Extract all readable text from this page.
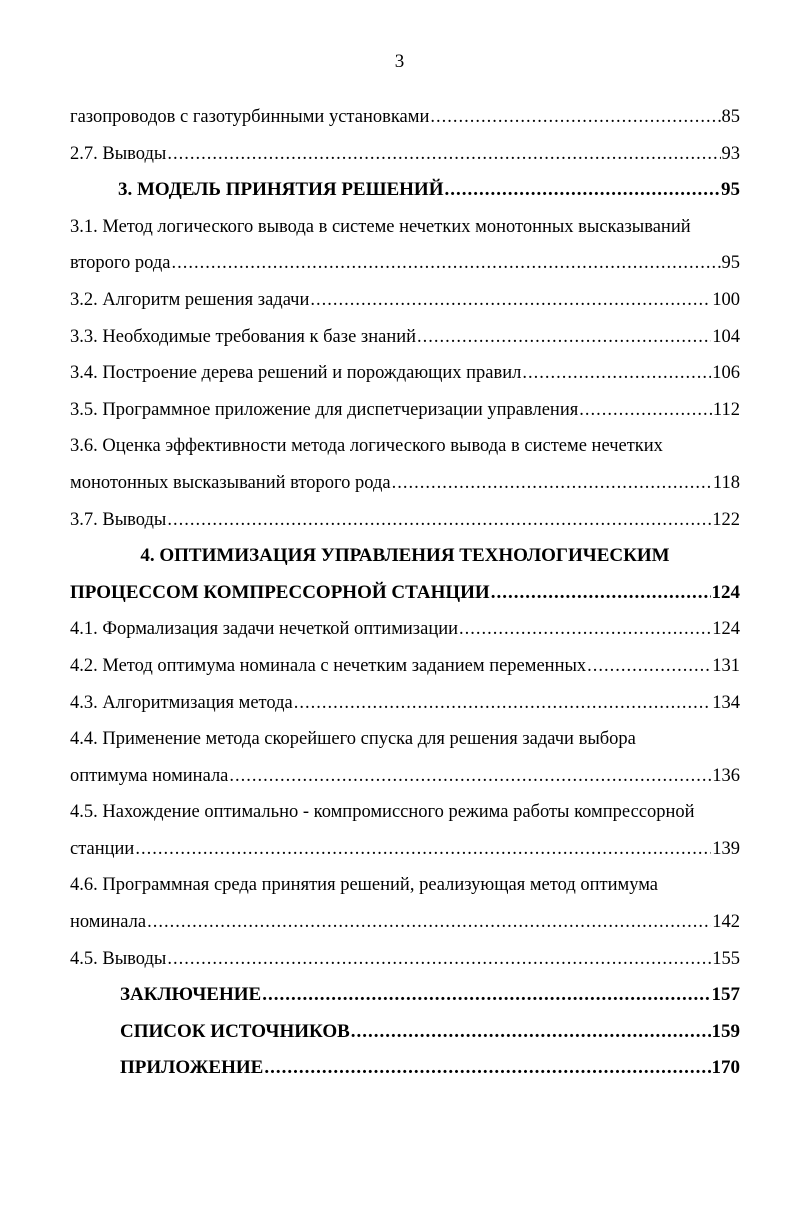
3
газопроводов с газотурбинными установками .....	85
2.7. Выводы .....	93
3. МОДЕЛЬ ПРИНЯТИЯ РЕШЕНИЙ .....	95
3.1. Метод логического вывода в системе нечетких монотонных высказываний
второго рода .....	95
3.2. Алгоритм решения задачи .....	100
3.3. Необходимые требования к базе знаний .....	104
3.4. Построение дерева решений и порождающих правил .....	106
3.5. Программное приложение для диспетчеризации управления .....	112
3.6. Оценка эффективности метода логического вывода в системе нечетких
монотонных высказываний второго рода .....	118
3.7. Выводы .....	122
4. ОПТИМИЗАЦИЯ УПРАВЛЕНИЯ ТЕХНОЛОГИЧЕСКИМ
ПРОЦЕССОМ КОМПРЕССОРНОЙ СТАНЦИИ .....	124
4.1. Формализация задачи нечеткой оптимизации .....	124
4.2. Метод оптимума номинала с нечетким заданием переменных .....	131
4.3. Алгоритмизация метода .....	134
4.4. Применение метода скорейшего спуска для решения задачи выбора
оптимума номинала .....	136
4.5. Нахождение оптимально - компромиссного режима работы компрессорной
станции .....	139
4.6. Программная среда принятия решений, реализующая метод оптимума
номинала .....	142
4.5. Выводы .....	155
ЗАКЛЮЧЕНИЕ .....	157
СПИСОК ИСТОЧНИКОВ .....	159
ПРИЛОЖЕНИЕ .....	170
